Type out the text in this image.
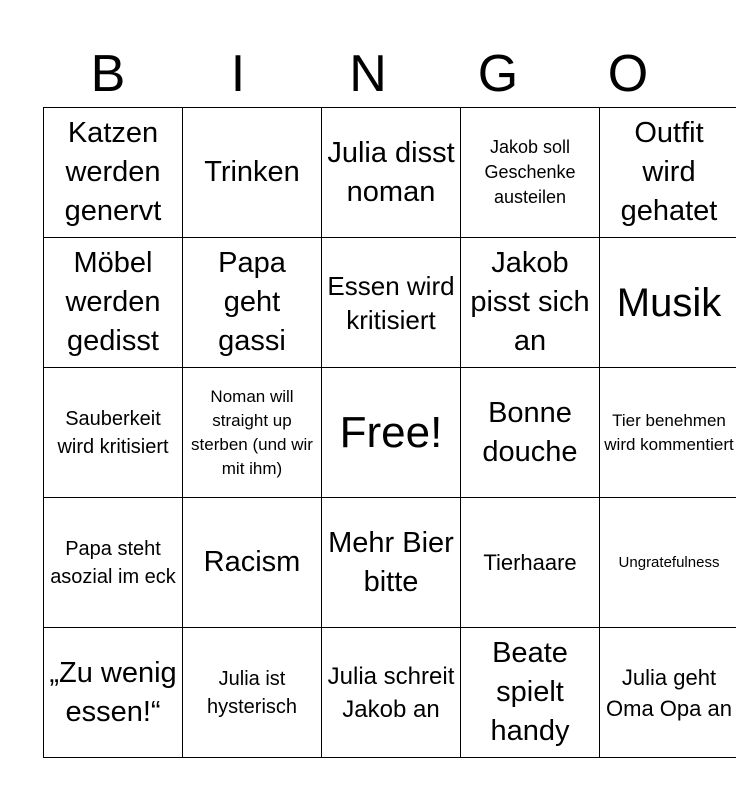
B	I	N	G	O
Katzen werden genervt	Trinken	Julia disst noman	Jakob soll Geschenke austeilen	Outfit wird gehatet
Möbel werden gedisst	Papa geht gassi	Essen wird kritisiert	Jakob pisst sich an	Musik
Sauberkeit wird kritisiert	Noman will straight up sterben (und wir mit ihm)	Free!	Bonne douche	Tier benehmen wird kommentiert
Papa steht asozial im eck	Racism	Mehr Bier bitte	Tierhaare	Ungratefulness
„Zu wenig essen!“	Julia ist hysterisch	Julia schreit Jakob an	Beate spielt handy	Julia geht Oma Opa an
